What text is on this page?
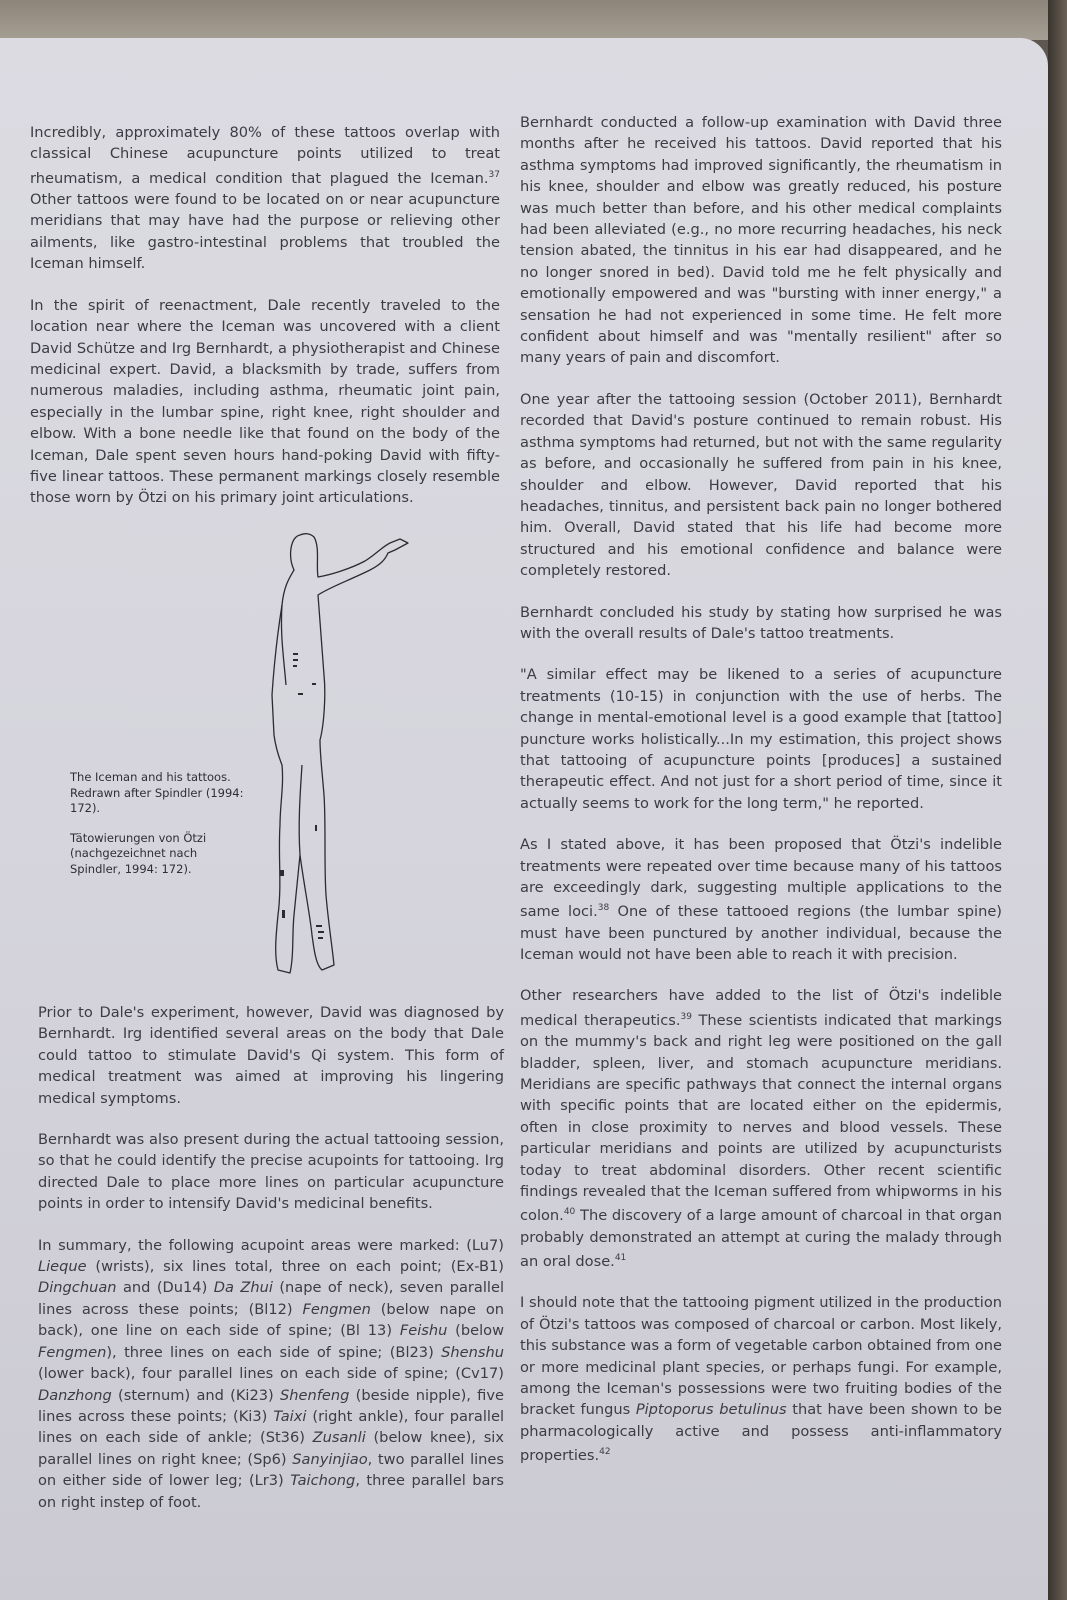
Incredibly, approximately 80% of these tattoos overlap with classical Chinese acupuncture points utilized to treat rheumatism, a medical condition that plagued the Iceman.$^{37}$ Other tattoos were found to be located on or near acupuncture meridians that may have had the purpose or relieving other ailments, like gastro-intestinal problems that troubled the Iceman himself.

In the spirit of reenactment, Dale recently traveled to the location near where the Iceman was uncovered with a client David Schütze and Irg Bernhardt, a physiotherapist and Chinese medicinal expert. David, a blacksmith by trade, suffers from numerous maladies, including asthma, rheumatic joint pain, especially in the lumbar spine, right knee, right shoulder and elbow. With a bone needle like that found on the body of the Iceman, Dale spent seven hours hand-poking David with fifty-five linear tattoos. These permanent markings closely resemble those worn by Ötzi on his primary joint articulations.

The Iceman and his tattoos. Redrawn after Spindler (1994: 172).
Tätowierungen von Ötzi (nachgezeichnet nach Spindler, 1994: 172).

Prior to Dale's experiment, however, David was diagnosed by Bernhardt. Irg identified several areas on the body that Dale could tattoo to stimulate David's Qi system. This form of medical treatment was aimed at improving his lingering medical symptoms.

Bernhardt was also present during the actual tattooing session, so that he could identify the precise acupoints for tattooing. Irg directed Dale to place more lines on particular acupuncture points in order to intensify David's medicinal benefits.

In summary, the following acupoint areas were marked: (Lu7) Lieque (wrists), six lines total, three on each point; (Ex-B1) Dingchuan and (Du14) Da Zhui (nape of neck), seven parallel lines across these points; (Bl12) Fengmen (below nape on back), one line on each side of spine; (Bl 13) Feishu (below Fengmen), three lines on each side of spine; (Bl23) Shenshu (lower back), four parallel lines on each side of spine; (Cv17) Danzhong (sternum) and (Ki23) Shenfeng (beside nipple), five lines across these points; (Ki3) Taixi (right ankle), four parallel lines on each side of ankle; (St36) Zusanli (below knee), six parallel lines on right knee; (Sp6) Sanyinjiao, two parallel lines on either side of lower leg; (Lr3) Taichong, three parallel bars on right instep of foot.

Bernhardt conducted a follow-up examination with David three months after he received his tattoos. David reported that his asthma symptoms had improved significantly, the rheumatism in his knee, shoulder and elbow was greatly reduced, his posture was much better than before, and his other medical complaints had been alleviated (e.g., no more recurring headaches, his neck tension abated, the tinnitus in his ear had disappeared, and he no longer snored in bed). David told me he felt physically and emotionally empowered and was "bursting with inner energy," a sensation he had not experienced in some time. He felt more confident about himself and was "mentally resilient" after so many years of pain and discomfort.

One year after the tattooing session (October 2011), Bernhardt recorded that David's posture continued to remain robust. His asthma symptoms had returned, but not with the same regularity as before, and occasionally he suffered from pain in his knee, shoulder and elbow. However, David reported that his headaches, tinnitus, and persistent back pain no longer bothered him. Overall, David stated that his life had become more structured and his emotional confidence and balance were completely restored.

Bernhardt concluded his study by stating how surprised he was with the overall results of Dale's tattoo treatments.

"A similar effect may be likened to a series of acupuncture treatments (10-15) in conjunction with the use of herbs. The change in mental-emotional level is a good example that [tattoo] puncture works holistically...In my estimation, this project shows that tattooing of acupuncture points [produces] a sustained therapeutic effect. And not just for a short period of time, since it actually seems to work for the long term," he reported.

As I stated above, it has been proposed that Ötzi's indelible treatments were repeated over time because many of his tattoos are exceedingly dark, suggesting multiple applications to the same loci.$^{38}$ One of these tattooed regions (the lumbar spine) must have been punctured by another individual, because the Iceman would not have been able to reach it with precision.

Other researchers have added to the list of Ötzi's indelible medical therapeutics.$^{39}$ These scientists indicated that markings on the mummy's back and right leg were positioned on the gall bladder, spleen, liver, and stomach acupuncture meridians. Meridians are specific pathways that connect the internal organs with specific points that are located either on the epidermis, often in close proximity to nerves and blood vessels. These particular meridians and points are utilized by acupuncturists today to treat abdominal disorders. Other recent scientific findings revealed that the Iceman suffered from whipworms in his colon.$^{40}$ The discovery of a large amount of charcoal in that organ probably demonstrated an attempt at curing the malady through an oral dose.$^{41}$

I should note that the tattooing pigment utilized in the production of Ötzi's tattoos was composed of charcoal or carbon. Most likely, this substance was a form of vegetable carbon obtained from one or more medicinal plant species, or perhaps fungi. For example, among the Iceman's possessions were two fruiting bodies of the bracket fungus Piptoporus betulinus that have been shown to be pharmacologically active and possess anti-inflammatory properties.$^{42}$
